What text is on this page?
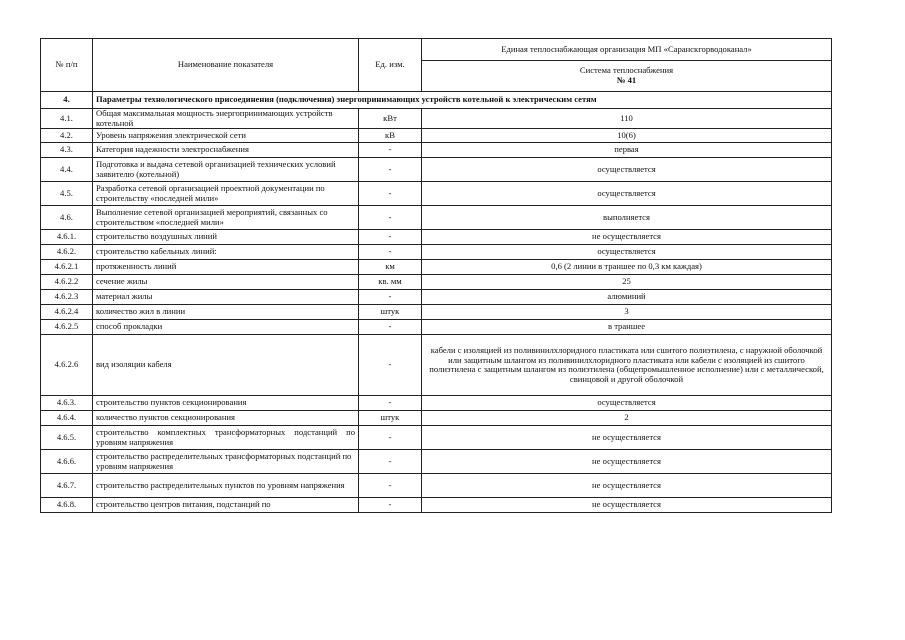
№ п/п	Наименование показателя	Ед. изм.	Единая теплоснабжающая организация МП «Саранскгорводоканал»

			Система теплоснабжения
№ 41

4.	Параметры технологического присоединения (подключения) энергопринимающих устройств котельной к электрическим сетям		
4.1.	Общая максимальная мощность энергопринимающих устройств котельной	кВт	110
4.2.	Уровень напряжения электрической сети	кВ	10(6)
4.3.	Категория надежности электроснабжения	-	первая
4.4.	Подготовка и выдача сетевой организацией технических условий заявителю (котельной)	-	осуществляется
4.5.	Разработка сетевой организацией проектной документации по строительству «последней мили»	-	осуществляется
4.6.	Выполнение сетевой организацией мероприятий, связанных со строительством «последней мили»	-	выполняется
4.6.1.	строительство воздушных линий	-	не осуществляется
4.6.2.	строительство кабельных линий:	-	осуществляется
4.6.2.1	протяженность линий	км	0,6 (2 линии в траншее по 0,3 км каждая)
4.6.2.2	сечение жилы	кв. мм	25
4.6.2.3	материал жилы	-	алюминий
4.6.2.4	количество жил в линии	штук	3
4.6.2.5	способ прокладки	-	в траншее
4.6.2.6	вид изоляции кабеля	-	кабели с изоляцией из поливинилхлоридного пластиката или сшитого полиэтилена, с наружной оболочкой или защитным шлангом из поливинилхлоридного пластиката или кабели с изоляцией из сшитого полиэтилена с защитным шлангом из полиэтилена (общепромышленное исполнение) или с металлической, свинцовой и другой оболочкой
4.6.3.	строительство пунктов секционирования	-	осуществляется
4.6.4.	количество пунктов секционирования	штук	2
4.6.5.	строительство комплектных трансформаторных подстанций по уровням напряжения	-	не осуществляется
4.6.6.	строительство распределительных трансформаторных подстанций по уровням напряжения	-	не осуществляется
4.6.7.	строительство распределительных пунктов по уровням напряжения	-	не осуществляется
4.6.8.	строительство центров питания, подстанций по	-	не осуществляется
